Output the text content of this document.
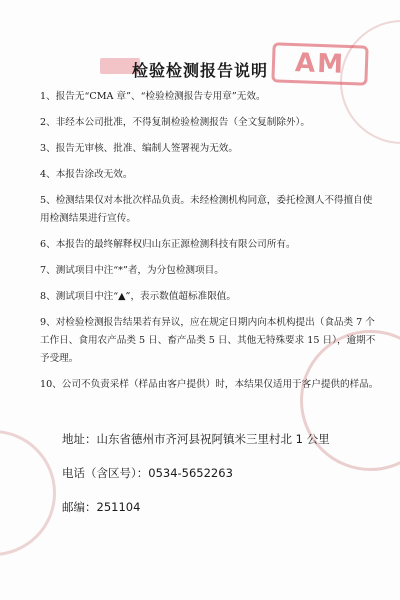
AM
检验检测报告说明
1、报告无“CMA 章”、“检验检测报告专用章”无效。
2、非经本公司批准，不得复制检验检测报告（全文复制除外）。
3、报告无审核、批准、编制人签署视为无效。
4、本报告涂改无效。
5、检测结果仅对本批次样品负责。未经检测机构同意，委托检测人不得擅自使用检测结果进行宣传。
6、本报告的最终解释权归山东正源检测科技有限公司所有。
7、测试项目中注“*”者，为分包检测项目。
8、测试项目中注“▲”，表示数值超标准限值。
9、对检验检测报告结果若有异议，应在规定日期内向本机构提出（食品类 7 个工作日、食用农产品类 5 日、畜产品类 5 日、其他无特殊要求 15 日），逾期不予受理。
10、公司不负责采样（样品由客户提供）时，本结果仅适用于客户提供的样品。
地址：山东省德州市齐河县祝阿镇米三里村北 1 公里
电话（含区号）：0534-5652263
邮编：251104
